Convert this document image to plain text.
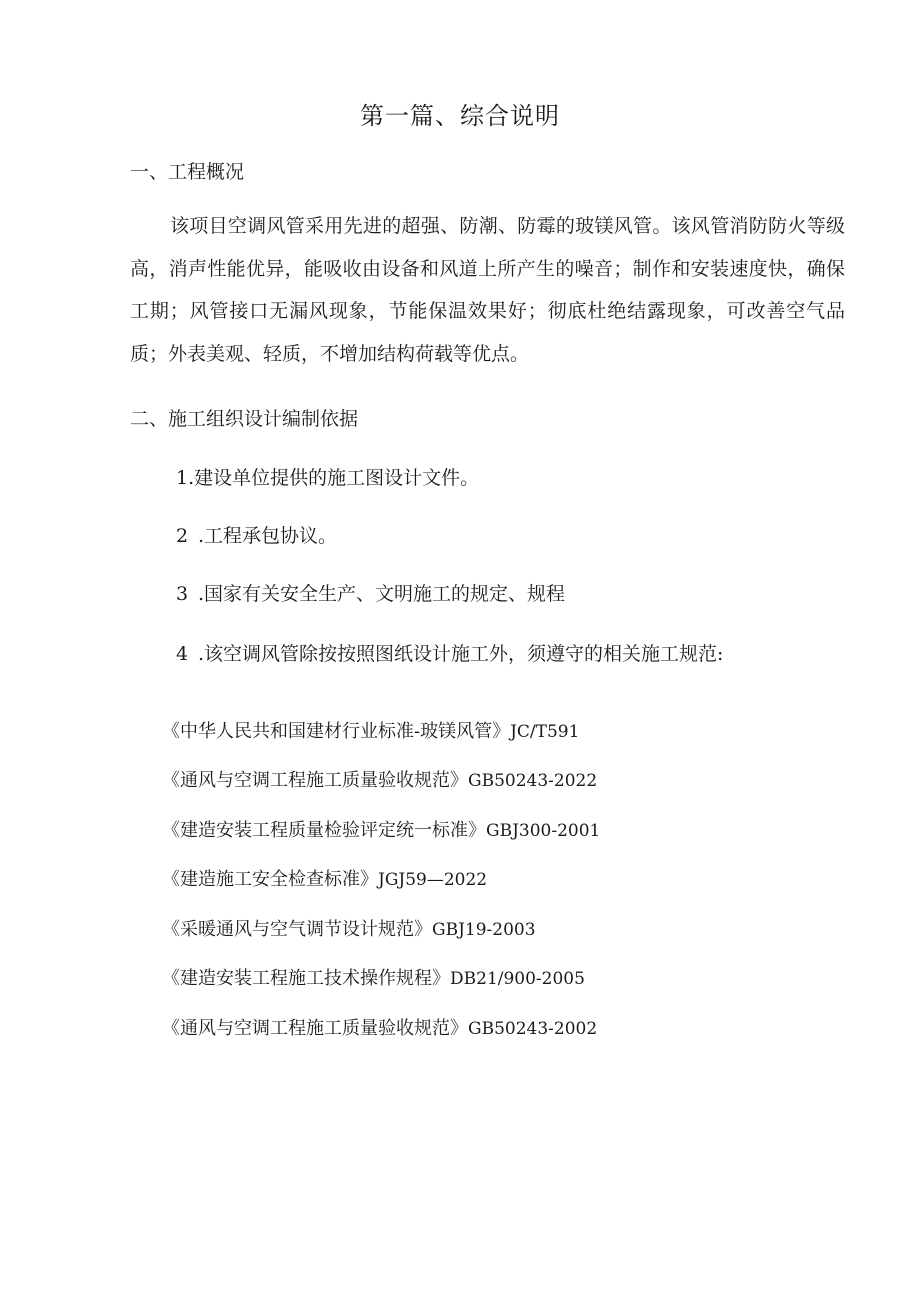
第一篇、综合说明
一、工程概况

该项目空调风管采用先进的超强、防潮、防霉的玻镁风管。该风管消防防火等级高，消声性能优异，能吸收由设备和风道上所产生的噪音；制作和安装速度快，确保工期；风管接口无漏风现象，节能保温效果好；彻底杜绝结露现象，可改善空气品质；外表美观、轻质，不增加结构荷载等优点。

二、施工组织设计编制依据
1.建设单位提供的施工图设计文件。
2 .工程承包协议。
3 .国家有关安全生产、文明施工的规定、规程
4 .该空调风管除按按照图纸设计施工外，须遵守的相关施工规范:
《中华人民共和国建材行业标准-玻镁风管》JC/T591
《通风与空调工程施工质量验收规范》GB50243-2022
《建造安装工程质量检验评定统一标准》GBJ300-2001
《建造施工安全检查标准》JGJ59—2022
《采暖通风与空气调节设计规范》GBJ19-2003
《建造安装工程施工技术操作规程》DB21/900-2005
《通风与空调工程施工质量验收规范》GB50243-2002
